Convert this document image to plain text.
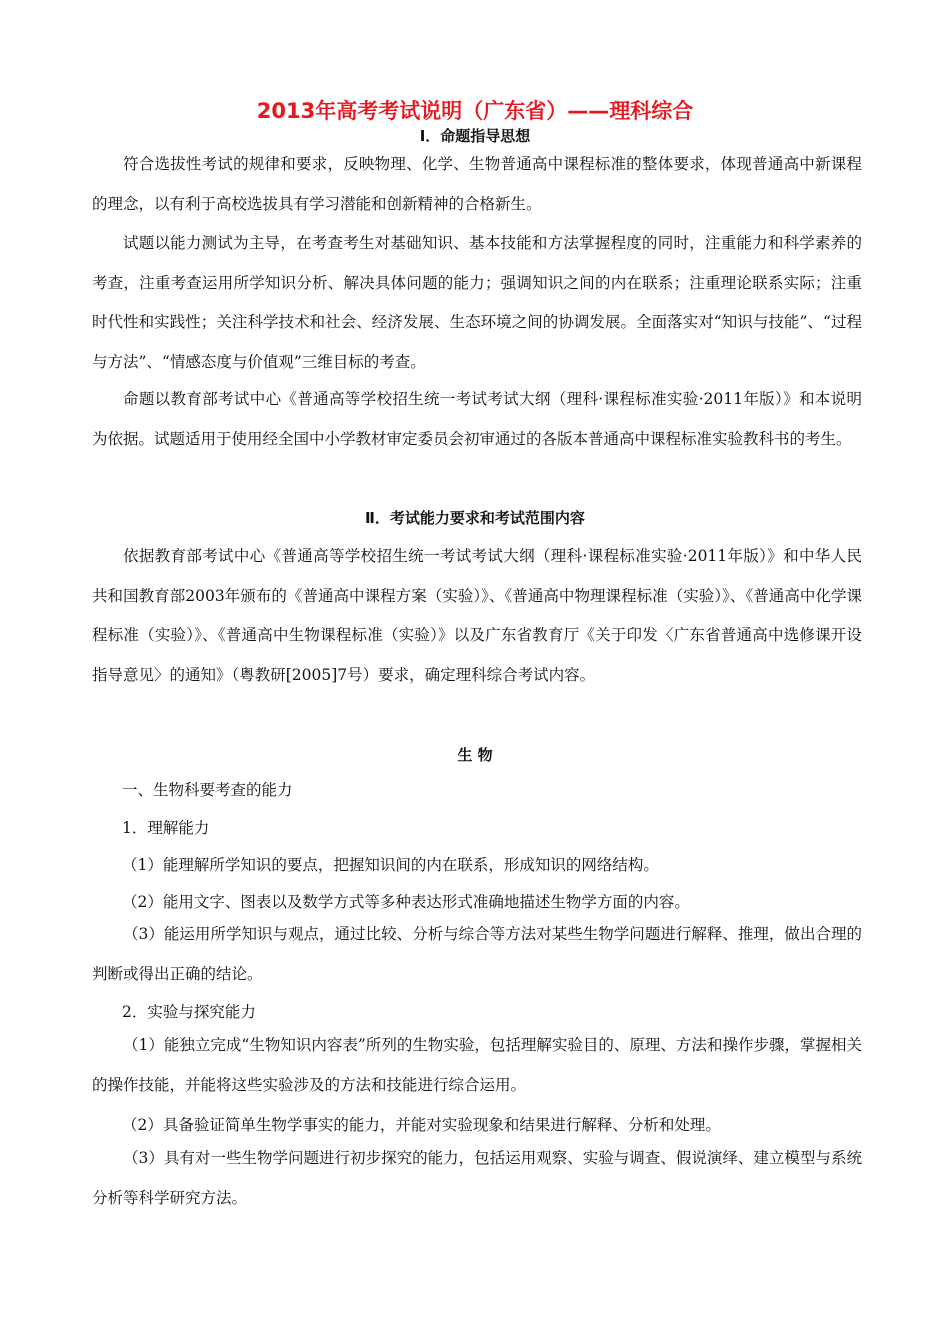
2013年高考考试说明（广东省）——理科综合
Ⅰ．命题指导思想
符合选拔性考试的规律和要求，反映物理、化学、生物普通高中课程标准的整体要求，体现普通高中新课程的理念，以有利于高校选拔具有学习潜能和创新精神的合格新生。
试题以能力测试为主导，在考查考生对基础知识、基本技能和方法掌握程度的同时，注重能力和科学素养的考查，注重考查运用所学知识分析、解决具体问题的能力；强调知识之间的内在联系；注重理论联系实际；注重时代性和实践性；关注科学技术和社会、经济发展、生态环境之间的协调发展。全面落实对“知识与技能”、“过程与方法”、“情感态度与价值观”三维目标的考查。
命题以教育部考试中心《普通高等学校招生统一考试考试大纲（理科·课程标准实验·2011年版）》和本说明为依据。试题适用于使用经全国中小学教材审定委员会初审通过的各版本普通高中课程标准实验教科书的考生。
Ⅱ．考试能力要求和考试范围内容
依据教育部考试中心《普通高等学校招生统一考试考试大纲（理科·课程标准实验·2011年版）》和中华人民共和国教育部2003年颁布的《普通高中课程方案（实验）》、《普通高中物理课程标准（实验）》、《普通高中化学课程标准（实验）》、《普通高中生物课程标准（实验）》以及广东省教育厅《关于印发〈广东省普通高中选修课开设指导意见〉的通知》（粤教研[2005]7号）要求，确定理科综合考试内容。
生 物
一、生物科要考查的能力
1．理解能力
（1）能理解所学知识的要点，把握知识间的内在联系，形成知识的网络结构。
（2）能用文字、图表以及数学方式等多种表达形式准确地描述生物学方面的内容。
（3）能运用所学知识与观点，通过比较、分析与综合等方法对某些生物学问题进行解释、推理，做出合理的判断或得出正确的结论。
2．实验与探究能力
（1）能独立完成“生物知识内容表”所列的生物实验，包括理解实验目的、原理、方法和操作步骤，掌握相关的操作技能，并能将这些实验涉及的方法和技能进行综合运用。
（2）具备验证简单生物学事实的能力，并能对实验现象和结果进行解释、分析和处理。
（3）具有对一些生物学问题进行初步探究的能力，包括运用观察、实验与调查、假说演绎、建立模型与系统分析等科学研究方法。
